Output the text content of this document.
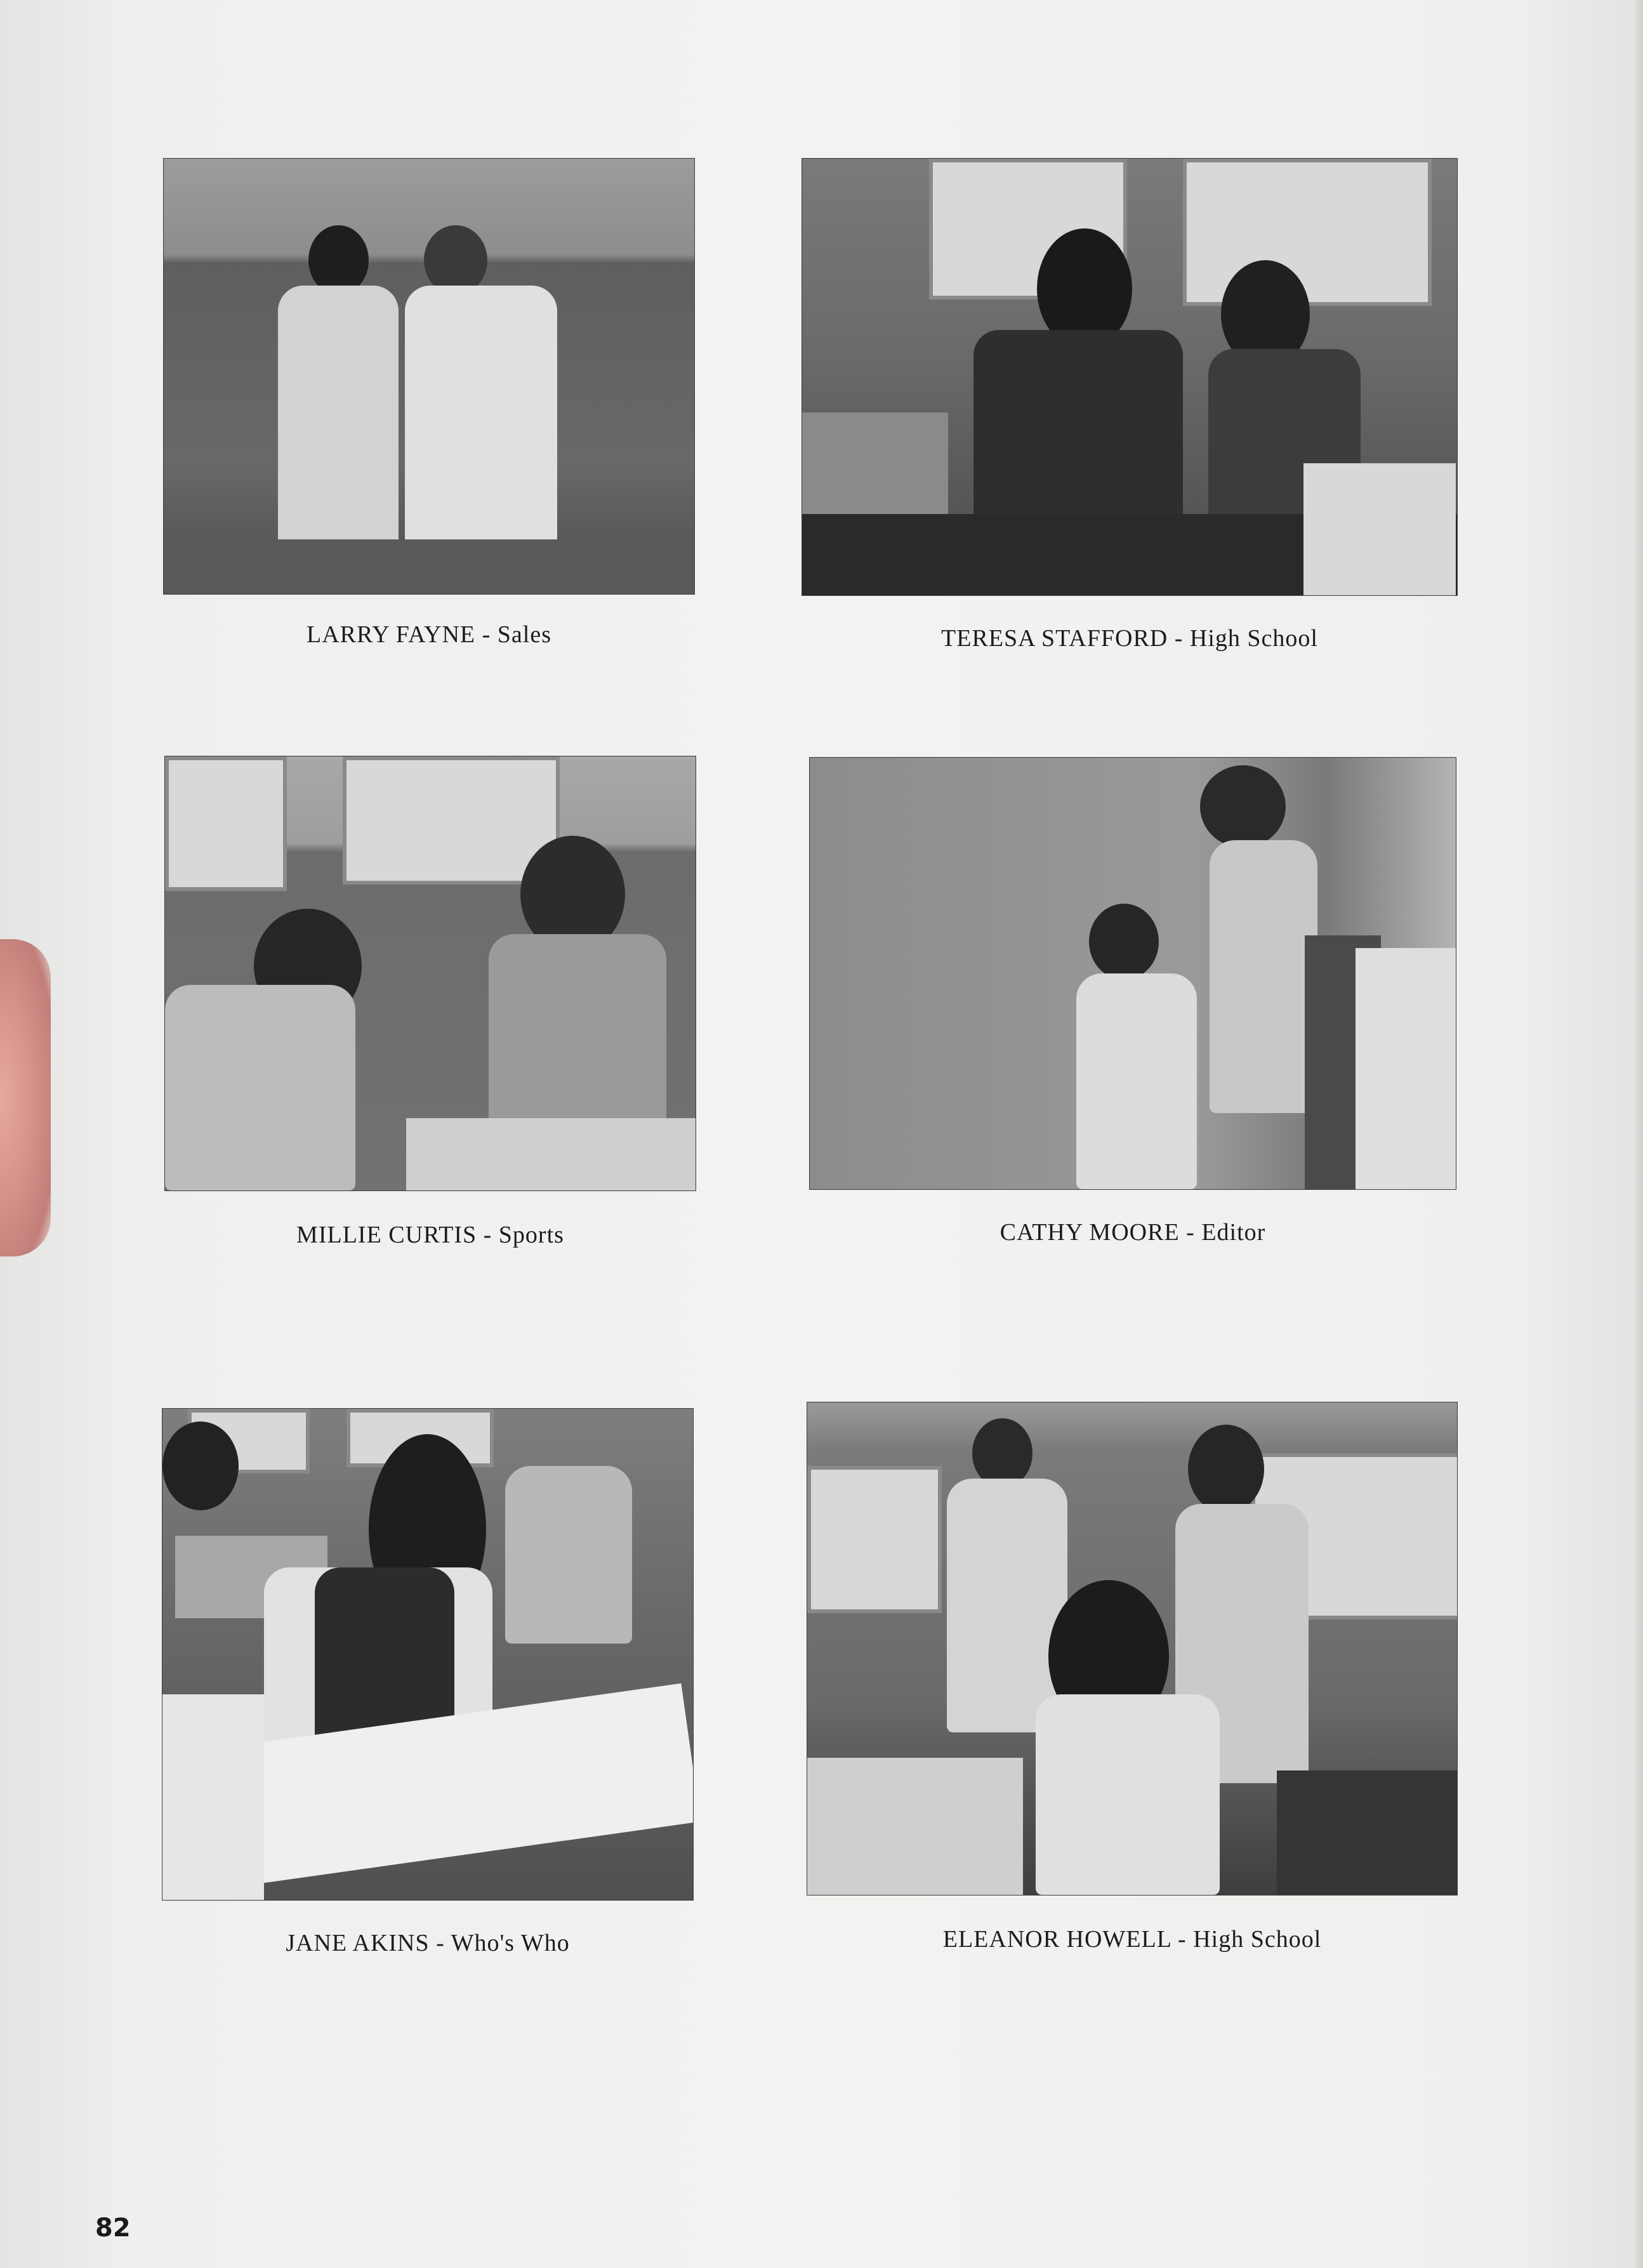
LARRY FAYNE - Sales	TERESA STAFFORD - High School
MILLIE CURTIS - Sports	CATHY MOORE - Editor
JANE AKINS - Who's Who	ELEANOR HOWELL - High School
82
